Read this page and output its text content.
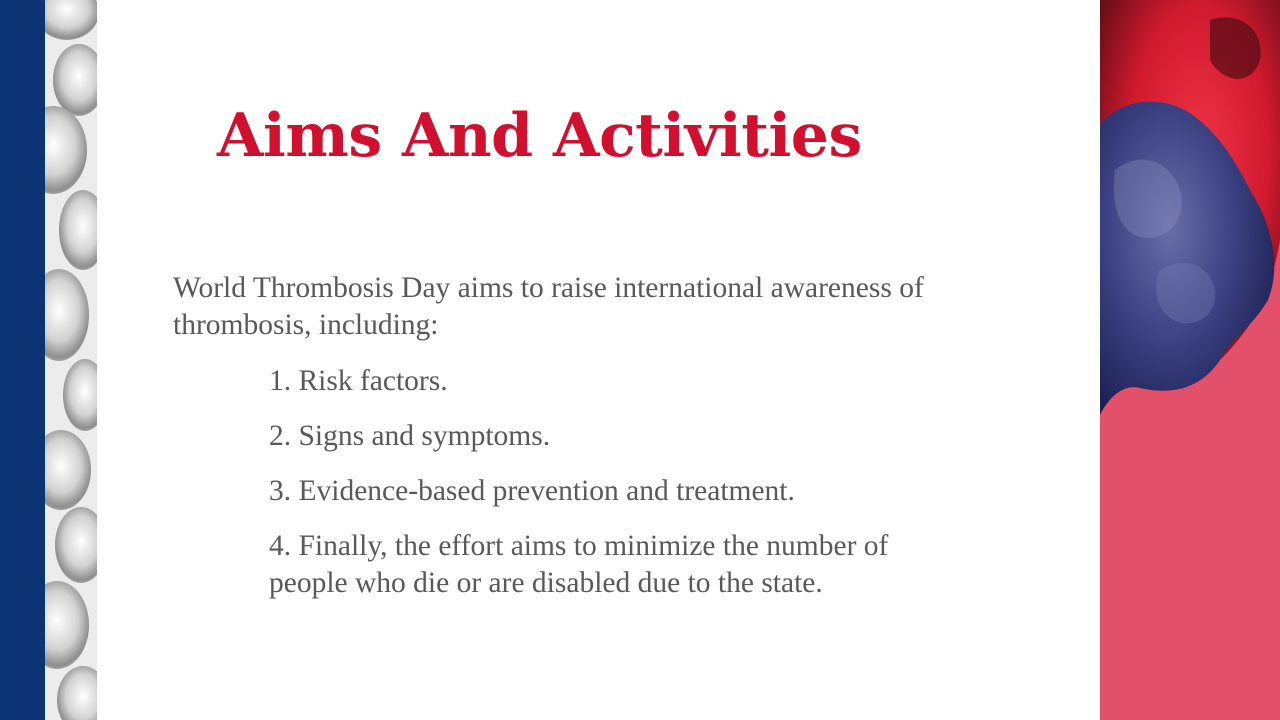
Aims And Activities

World Thrombosis Day aims to raise international awareness of thrombosis, including:

1. Risk factors.
2. Signs and symptoms.
3. Evidence-based prevention and treatment.
4. Finally, the effort aims to minimize the number of people who die or are disabled due to the state.
